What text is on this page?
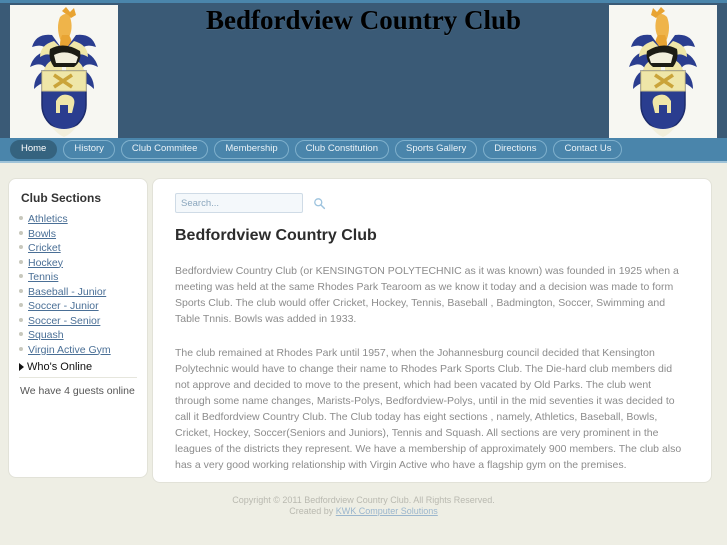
Bedfordview Country Club
Home	History	Club Commitee	Membership	Club Constitution	Sports Gallery	Directions	Contact Us
Club Sections
Athletics
Bowls
Cricket
Hockey
Tennis
Baseball - Junior
Soccer - Junior
Soccer - Senior
Squash
Virgin Active Gym
Who's Online
We have 4 guests online
Search...
Bedfordview Country Club

Bedfordview Country Club (or KENSINGTON POLYTECHNIC as it was known) was founded in 1925 when a meeting was held at the same Rhodes Park Tearoom as we know it today and a decision was made to form Sports Club. The club would offer Cricket, Hockey, Tennis, Baseball , Badmington, Soccer, Swimming and Table Tnnis. Bowls was added in 1933.

The club remained at Rhodes Park until 1957, when the Johannesburg council decided that Kensington Polytechnic would have to change their name to Rhodes Park Sports Club. The Die-hard club members did not approve and decided to move to the present, which had been vacated by Old Parks. The club went through some name changes, Marists-Polys, Bedfordview-Polys, until in the mid seventies it was decided to call it Bedfordview Country Club. The Club today has eight sections , namely, Athletics, Baseball, Bowls, Cricket, Hockey, Soccer(Seniors and Juniors), Tennis and Squash. All sections are very prominent in the leagues of the districts they represent. We have a membership of approximately 900 members. The club also has a very good working relationship with Virgin Active who have a flagship gym on the premises.

Copyright © 2011 Bedfordview Country Club. All Rights Reserved.
Created by KWK Computer Solutions
